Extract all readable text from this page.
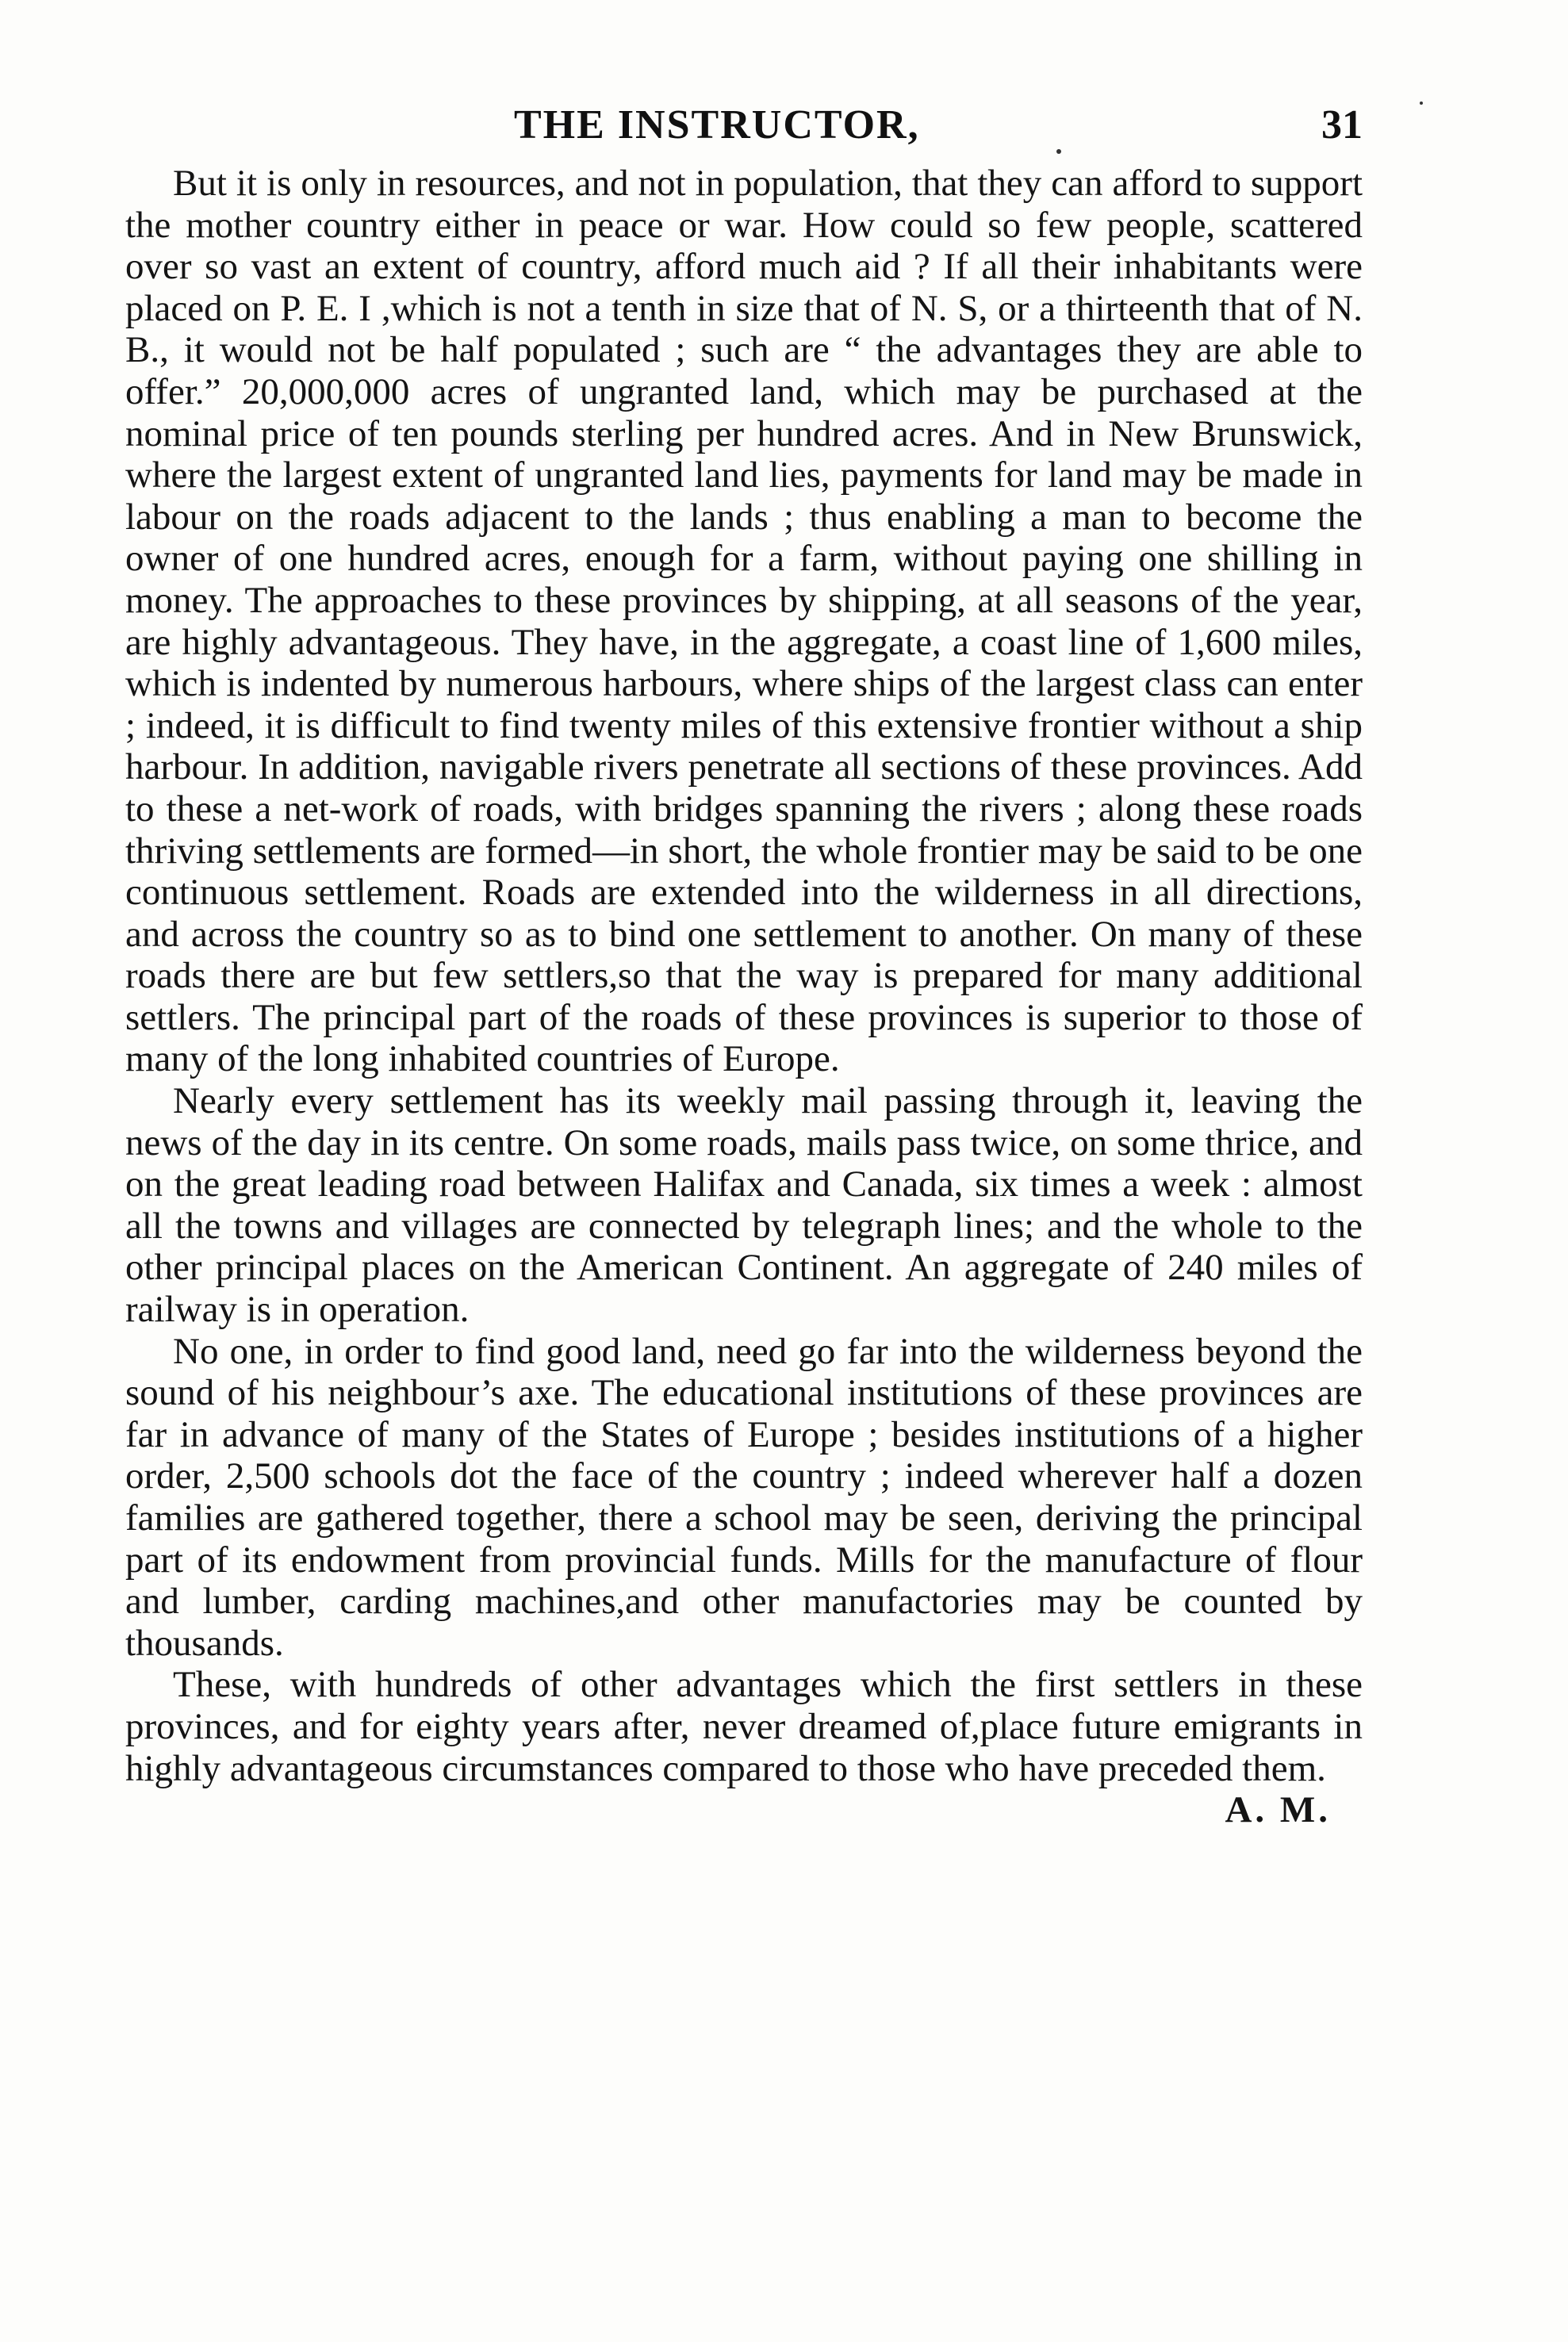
THE INSTRUCTOR,	31

But it is only in resources, and not in population, that they can afford to support the mother country either in peace or war. How could so few people, scattered over so vast an extent of country, afford much aid ? If all their inhabitants were placed on P. E. I ,which is not a tenth in size that of N. S, or a thirteenth that of N. B., it would not be half populated ; such are “ the advantages they are able to offer.” 20,000,000 acres of ungranted land, which may be purchased at the nominal price of ten pounds sterling per hundred acres. And in New Brunswick, where the largest extent of ungranted land lies, payments for land may be made in labour on the roads adjacent to the lands ; thus enabling a man to become the owner of one hundred acres, enough for a farm, without paying one shilling in money. The approaches to these provinces by shipping, at all seasons of the year, are highly advantageous. They have, in the aggregate, a coast line of 1,600 miles, which is indented by numerous harbours, where ships of the largest class can enter ; indeed, it is difficult to find twenty miles of this extensive frontier without a ship harbour. In addition, navigable rivers penetrate all sections of these provinces. Add to these a net-work of roads, with bridges spanning the rivers ; along these roads thriving settlements are formed—in short, the whole frontier may be said to be one continuous settlement. Roads are extended into the wilderness in all directions, and across the country so as to bind one settlement to another. On many of these roads there are but few settlers,so that the way is prepared for many additional settlers. The principal part of the roads of these provinces is superior to those of many of the long inhabited countries of Europe.

Nearly every settlement has its weekly mail passing through it, leaving the news of the day in its centre. On some roads, mails pass twice, on some thrice, and on the great leading road between Halifax and Canada, six times a week : almost all the towns and villages are connected by telegraph lines; and the whole to the other principal places on the American Continent. An aggregate of 240 miles of railway is in operation.

No one, in order to find good land, need go far into the wilderness beyond the sound of his neighbour’s axe. The educational institutions of these provinces are far in advance of many of the States of Europe ; besides institutions of a higher order, 2,500 schools dot the face of the country ; indeed wherever half a dozen families are gathered together, there a school may be seen, deriving the principal part of its endowment from provincial funds. Mills for the manufacture of flour and lumber, carding machines,and other manufactories may be counted by thousands.

These, with hundreds of other advantages which the first settlers in these provinces, and for eighty years after, never dreamed of,place future emigrants in highly advantageous circumstances compared to those who have preceded them.

A. M.
